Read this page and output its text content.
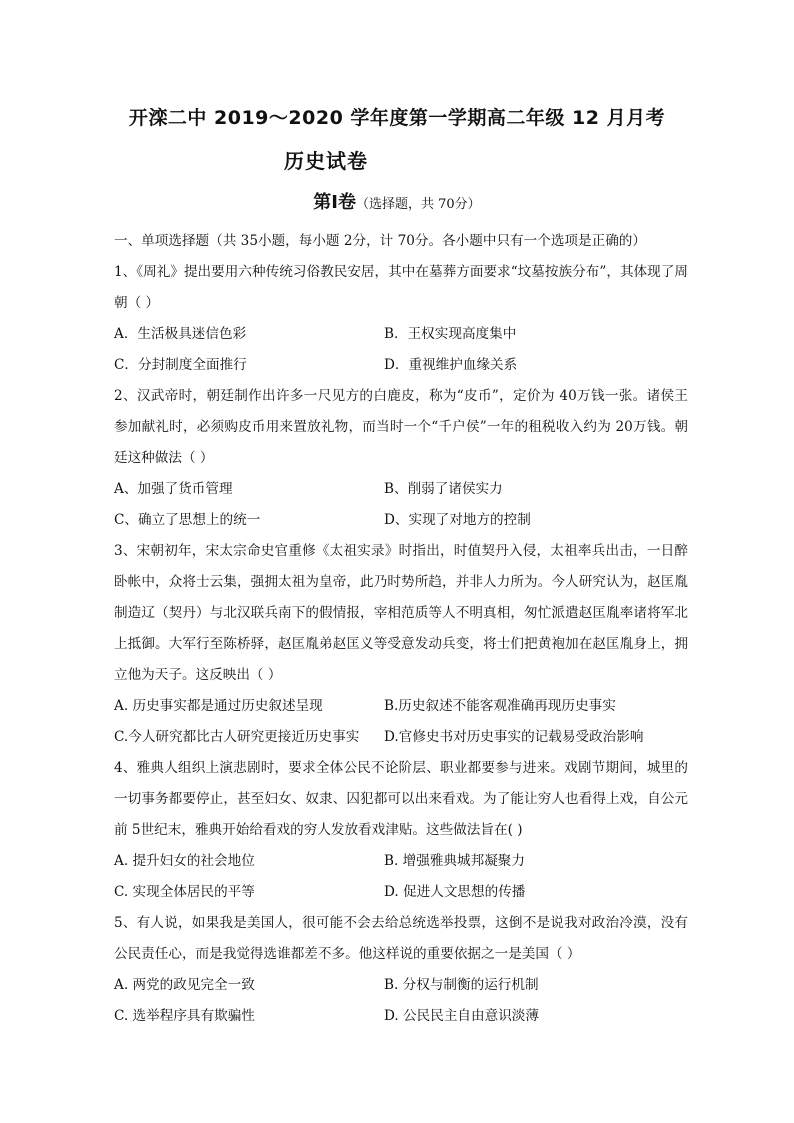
开滦二中 2019～2020 学年度第一学期高二年级 12 月月考
历史试卷
第Ⅰ卷（选择题，共 70分）
一、单项选择题（共 35小题，每小题 2分，计 70分。各小题中只有一个选项是正确的）
1、《周礼》提出要用六种传统习俗教民安居，其中在墓葬方面要求“坟墓按族分布”，其体现了周朝（ ）
A．生活极具迷信色彩	B．王权实现高度集中
C．分封制度全面推行	D．重视维护血缘关系
2、汉武帝时，朝廷制作出许多一尺见方的白鹿皮，称为“皮币”，定价为 40万钱一张。诸侯王参加献礼时，必须购皮币用来置放礼物，而当时一个“千户侯”一年的租税收入约为 20万钱。朝廷这种做法（ ）
A、加强了货币管理	B、削弱了诸侯实力
C、确立了思想上的统一	D、实现了对地方的控制
3、宋朝初年，宋太宗命史官重修《太祖实录》时指出，时值契丹入侵，太祖率兵出击，一日醉卧帐中，众将士云集，强拥太祖为皇帝，此乃时势所趋，并非人力所为。今人研究认为，赵匡胤制造辽（契丹）与北汉联兵南下的假情报，宰相范质等人不明真相，匆忙派遣赵匡胤率诸将军北上抵御。大军行至陈桥驿，赵匡胤弟赵匡义等受意发动兵变，将士们把黄袍加在赵匡胤身上，拥立他为天子。这反映出（ ）
A. 历史事实都是通过历史叙述呈现	B.历史叙述不能客观准确再现历史事实
C.今人研究都比古人研究更接近历史事实	D.官修史书对历史事实的记载易受政治影响
4、雅典人组织上演悲剧时，要求全体公民不论阶层、职业都要参与进来。戏剧节期间，城里的一切事务都要停止，甚至妇女、奴隶、囚犯都可以出来看戏。为了能让穷人也看得上戏，自公元前 5世纪末，雅典开始给看戏的穷人发放看戏津贴。这些做法旨在( )
A. 提升妇女的社会地位	B. 增强雅典城邦凝聚力
C. 实现全体居民的平等	D. 促进人文思想的传播
5、有人说，如果我是美国人，很可能不会去给总统选举投票，这倒不是说我对政治冷漠，没有公民责任心，而是我觉得选谁都差不多。他这样说的重要依据之一是美国（ ）
A. 两党的政见完全一致	B. 分权与制衡的运行机制
C. 选举程序具有欺骗性	D. 公民民主自由意识淡薄
